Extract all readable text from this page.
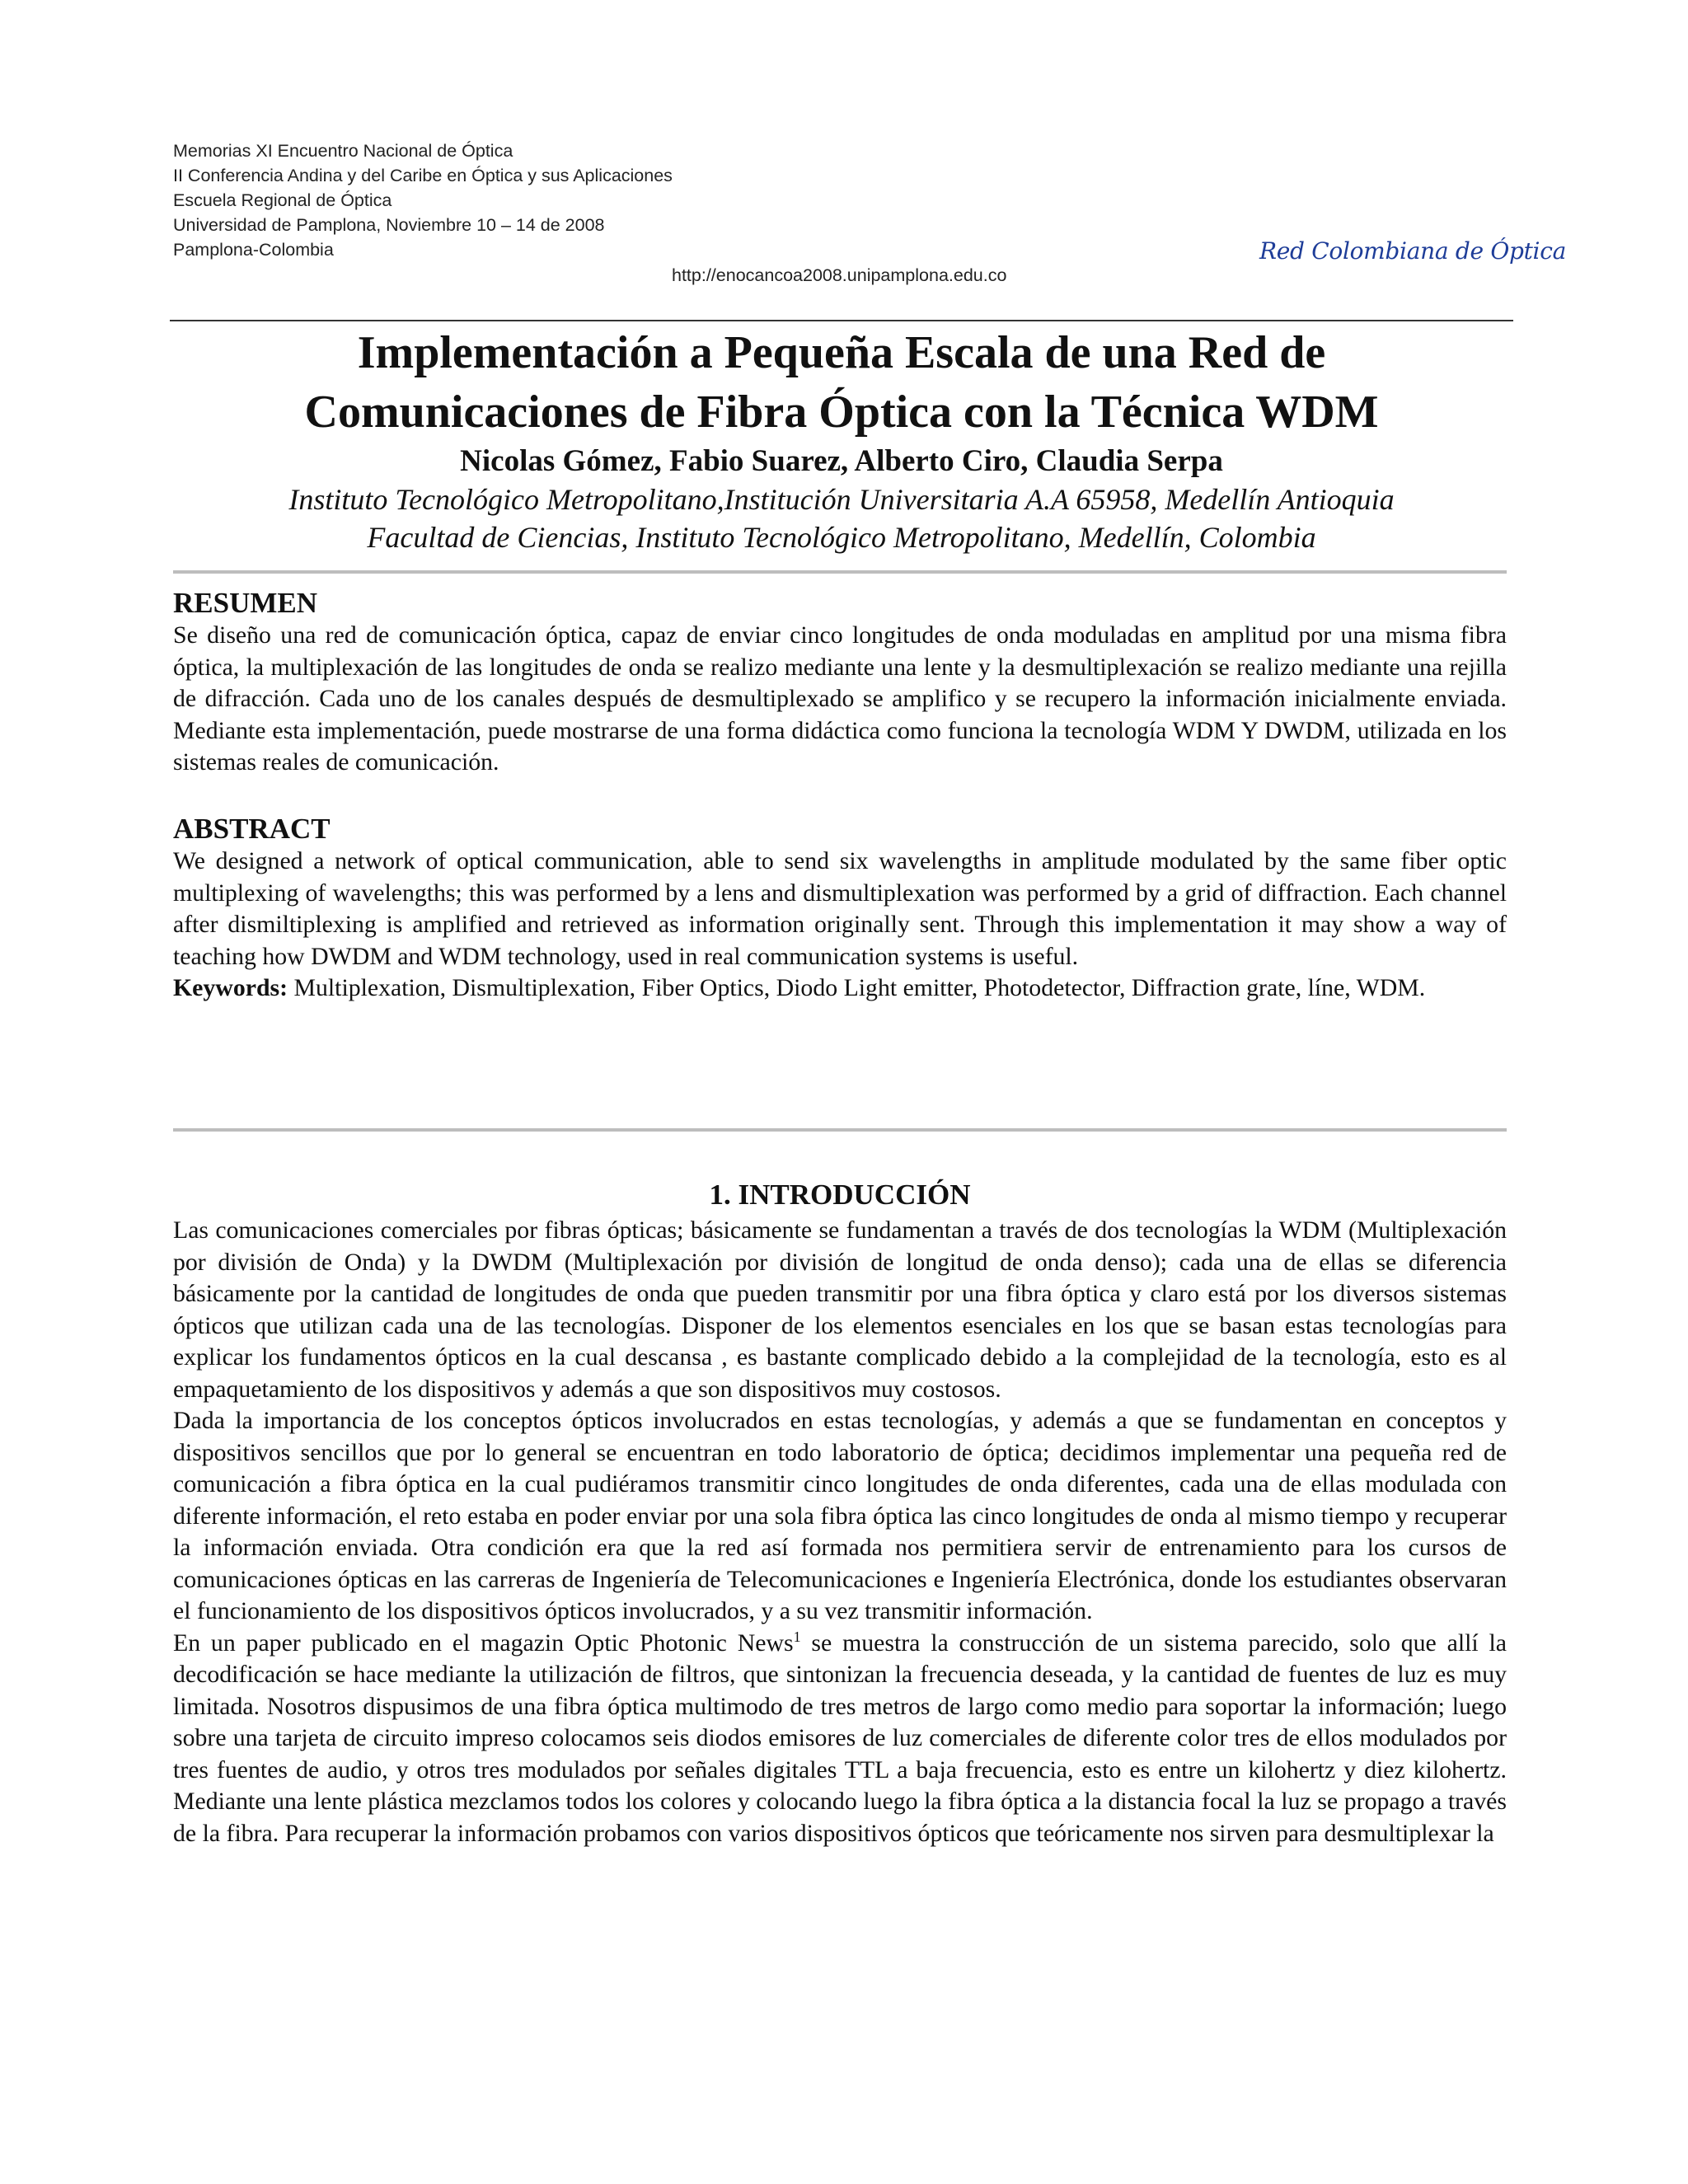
Memorias XI Encuentro Nacional de Óptica
II Conferencia Andina y del Caribe en Óptica y sus Aplicaciones
Escuela Regional de Óptica
Universidad de Pamplona, Noviembre 10 – 14 de 2008
Pamplona-Colombia
http://enocancoa2008.unipamplona.edu.co
Red Colombiana de Óptica
Implementación a Pequeña Escala de una Red de
Comunicaciones de Fibra Óptica con la Técnica WDM
Nicolas Gómez, Fabio Suarez, Alberto Ciro, Claudia Serpa
Instituto Tecnológico Metropolitano,Institución Universitaria A.A 65958, Medellín Antioquia
Facultad de Ciencias, Instituto Tecnológico Metropolitano, Medellín, Colombia
RESUMEN

Se diseño una red de comunicación óptica, capaz de enviar cinco longitudes de onda moduladas en amplitud por una misma fibra óptica, la multiplexación de las longitudes de onda se realizo mediante una lente y la desmultiplexación se realizo mediante una rejilla de difracción. Cada uno de los canales después de desmultiplexado se amplifico y se recupero la información inicialmente enviada. Mediante esta implementación, puede mostrarse de una forma didáctica como funciona la tecnología WDM Y DWDM, utilizada en los sistemas reales de comunicación.

ABSTRACT

We designed a network of optical communication, able to send six wavelengths in amplitude modulated by the same fiber optic multiplexing of wavelengths; this was performed by a lens and dismultiplexation was performed by a grid of diffraction. Each channel after dismiltiplexing is amplified and retrieved as information originally sent. Through this implementation it may show a way of teaching how DWDM and WDM technology, used in real communication systems is useful.

Keywords: Multiplexation, Dismultiplexation, Fiber Optics, Diodo Light emitter, Photodetector, Diffraction grate, líne, WDM.

1. INTRODUCCIÓN

Las comunicaciones comerciales por fibras ópticas; básicamente se fundamentan a través de dos tecnologías la WDM (Multiplexación por división de Onda) y la DWDM (Multiplexación por división de longitud de onda denso); cada una de ellas se diferencia básicamente por la cantidad de longitudes de onda que pueden transmitir por una fibra óptica y claro está por los diversos sistemas ópticos que utilizan cada una de las tecnologías. Disponer de los elementos esenciales en los que se basan estas tecnologías para explicar los fundamentos ópticos en la cual descansa , es bastante complicado debido a la complejidad de la tecnología, esto es al empaquetamiento de los dispositivos y además a que son dispositivos muy costosos.

Dada la importancia de los conceptos ópticos involucrados en estas tecnologías, y además a que se fundamentan en conceptos y dispositivos sencillos que por lo general se encuentran en todo laboratorio de óptica; decidimos implementar una pequeña red de comunicación a fibra óptica en la cual pudiéramos transmitir cinco longitudes de onda diferentes, cada una de ellas modulada con diferente información, el reto estaba en poder enviar por una sola fibra óptica las cinco longitudes de onda al mismo tiempo y recuperar la información enviada. Otra condición era que la red así formada nos permitiera servir de entrenamiento para los cursos de comunicaciones ópticas en las carreras de Ingeniería de Telecomunicaciones e Ingeniería Electrónica, donde los estudiantes observaran el funcionamiento de los dispositivos ópticos involucrados, y a su vez transmitir información.

En un paper publicado en el magazin Optic Photonic News$^1$ se muestra la construcción de un sistema parecido, solo que allí la decodificación se hace mediante la utilización de filtros, que sintonizan la frecuencia deseada, y la cantidad de fuentes de luz es muy limitada. Nosotros dispusimos de una fibra óptica multimodo de tres metros de largo como medio para soportar la información; luego sobre una tarjeta de circuito impreso colocamos seis diodos emisores de luz comerciales de diferente color tres de ellos modulados por tres fuentes de audio, y otros tres modulados por señales digitales TTL a baja frecuencia, esto es entre un kilohertz y diez kilohertz. Mediante una lente plástica mezclamos todos los colores y colocando luego la fibra óptica a la distancia focal la luz se propago a través de la fibra. Para recuperar la información probamos con varios dispositivos ópticos que teóricamente nos sirven para desmultiplexar la
